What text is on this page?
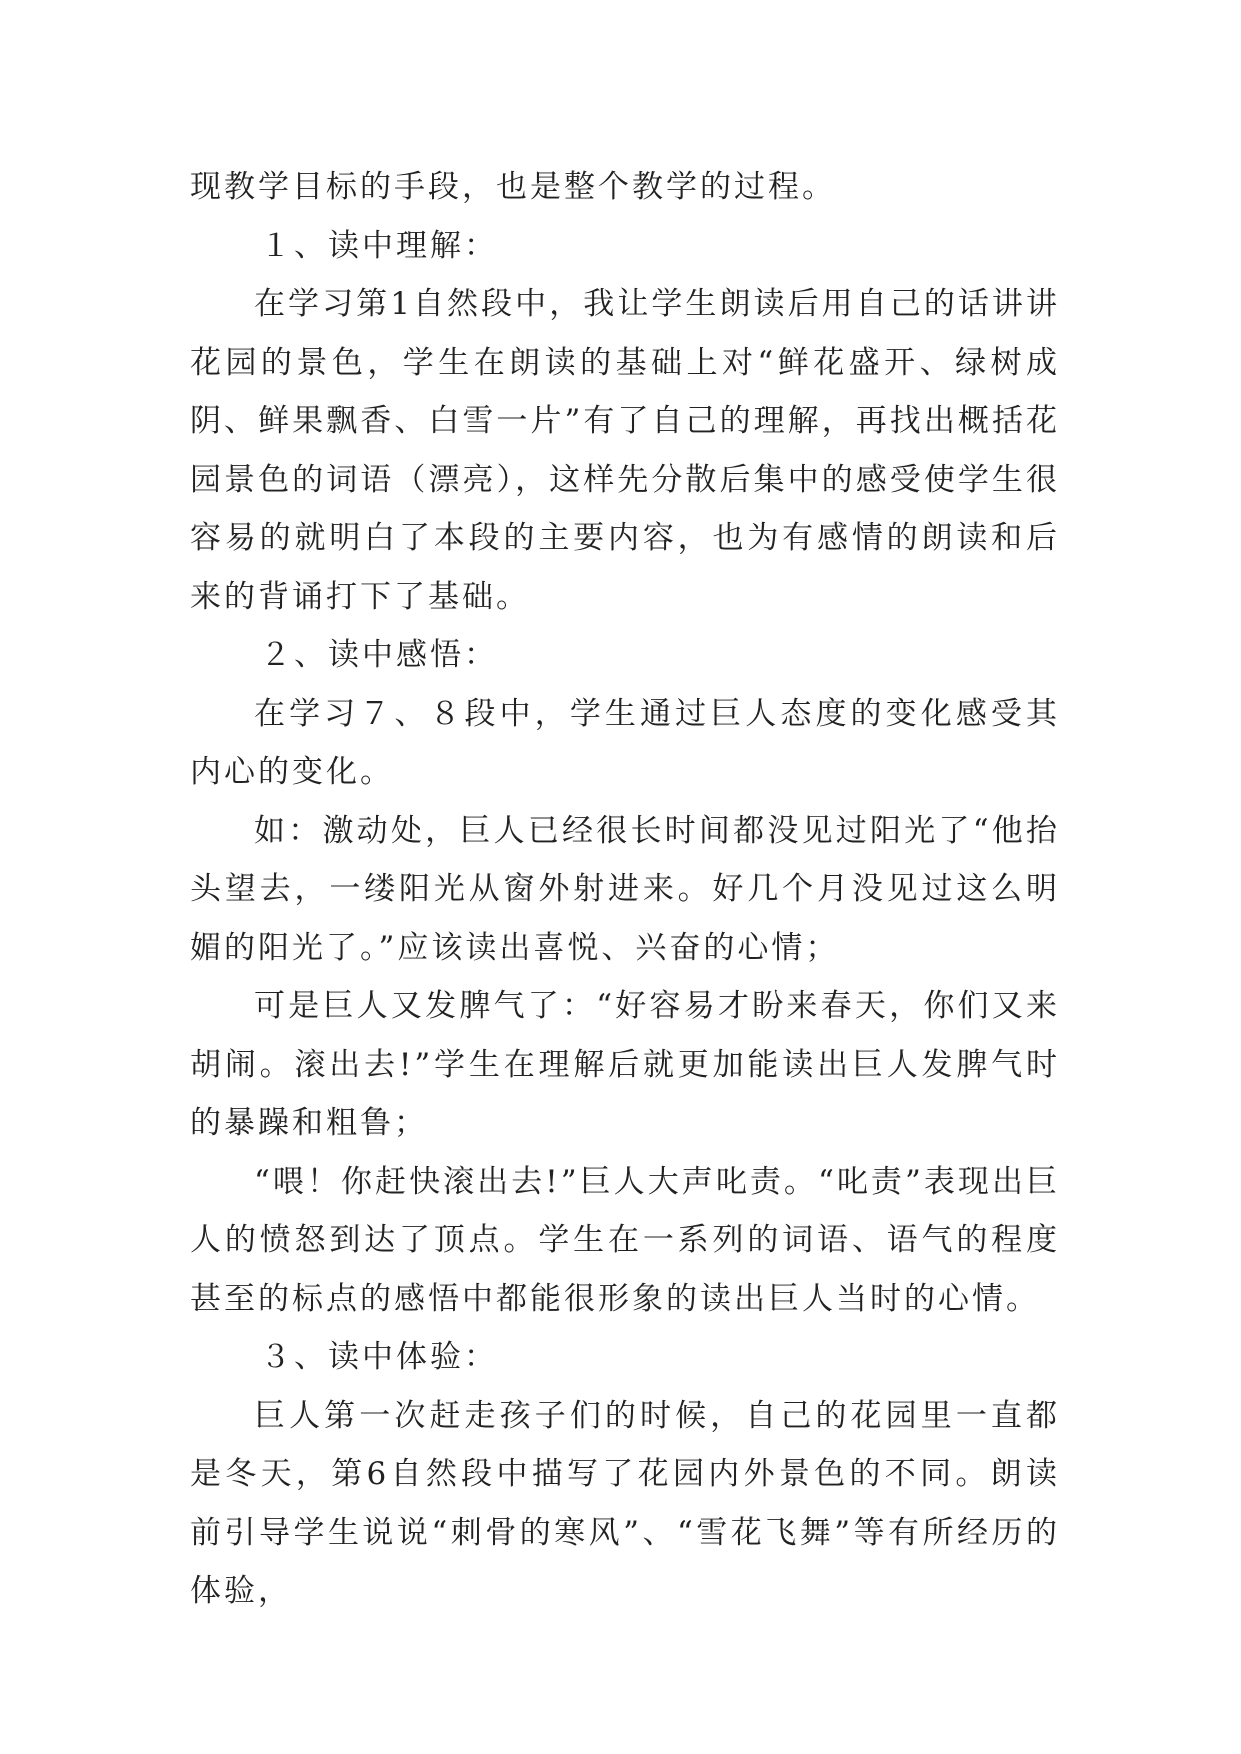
现教学目标的手段，也是整个教学的过程。

１、读中理解：

在学习第1自然段中，我让学生朗读后用自己的话讲讲花园的景色，学生在朗读的基础上对“鲜花盛开、绿树成阴、鲜果飘香、白雪一片”有了自己的理解，再找出概括花园景色的词语（漂亮），这样先分散后集中的感受使学生很容易的就明白了本段的主要内容，也为有感情的朗读和后来的背诵打下了基础。

２、读中感悟：

在学习７、８段中，学生通过巨人态度的变化感受其内心的变化。

如：激动处，巨人已经很长时间都没见过阳光了“他抬头望去，一缕阳光从窗外射进来。好几个月没见过这么明媚的阳光了。”应该读出喜悦、兴奋的心情；

可是巨人又发脾气了：“好容易才盼来春天，你们又来胡闹。滚出去!”学生在理解后就更加能读出巨人发脾气时的暴躁和粗鲁；

“喂！你赶快滚出去!”巨人大声叱责。“叱责”表现出巨人的愤怒到达了顶点。学生在一系列的词语、语气的程度甚至的标点的感悟中都能很形象的读出巨人当时的心情。

３、读中体验：

巨人第一次赶走孩子们的时候，自己的花园里一直都是冬天，第6自然段中描写了花园内外景色的不同。朗读前引导学生说说“刺骨的寒风”、“雪花飞舞”等有所经历的体验，
